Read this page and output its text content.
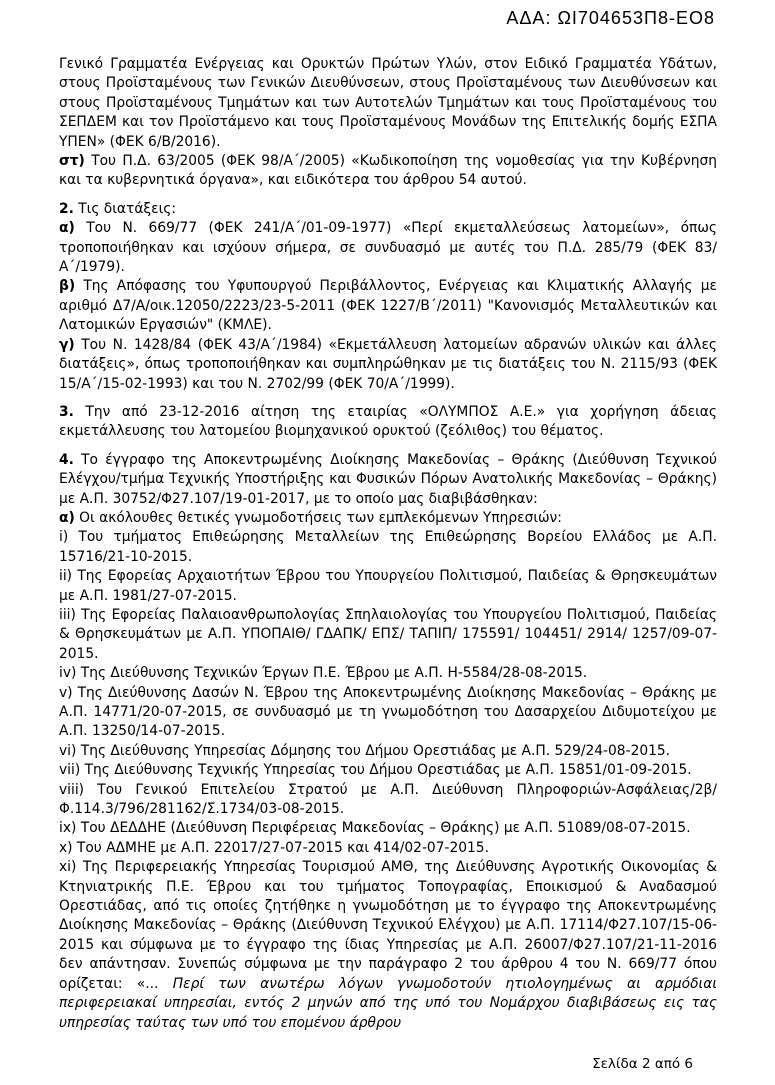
ΑΔΑ: ΩΙ704653Π8-ΕΟ8
Γενικό Γραμματέα Ενέργειας και Ορυκτών Πρώτων Υλών, στον Ειδικό Γραμματέα Υδάτων, στους Προϊσταμένους των Γενικών Διευθύνσεων, στους Προϊσταμένους των Διευθύνσεων και στους Προϊσταμένους Τμημάτων και των Αυτοτελών Τμημάτων και τους Προϊσταμένους του ΣΕΠΔΕΜ και τον Προϊστάμενο και τους Προϊσταμένους Μονάδων της Επιτελικής δομής ΕΣΠΑ ΥΠΕΝ» (ΦΕΚ 6/Β/2016).
στ) Του Π.Δ. 63/2005 (ΦΕΚ 98/Α΄/2005) «Κωδικοποίηση της νομοθεσίας για την Κυβέρνηση και τα κυβερνητικά όργανα», και ειδικότερα του άρθρου 54 αυτού.
2. Τις διατάξεις:
α) Του Ν. 669/77 (ΦΕΚ 241/Α΄/01-09-1977) «Περί εκμεταλλεύσεως λατομείων», όπως τροποποιήθηκαν και ισχύουν σήμερα, σε συνδυασμό με αυτές του Π.Δ. 285/79 (ΦΕΚ 83/Α΄/1979).
β) Της Απόφασης του Υφυπουργού Περιβάλλοντος, Ενέργειας και Κλιματικής Αλλαγής με αριθμό Δ7/Α/οικ.12050/2223/23-5-2011 (ΦΕΚ 1227/Β΄/2011) "Κανονισμός Μεταλλευτικών και Λατομικών Εργασιών" (ΚΜΛΕ).
γ) Του Ν. 1428/84 (ΦΕΚ 43/Α΄/1984) «Εκμετάλλευση λατομείων αδρανών υλικών και άλλες διατάξεις», όπως τροποποιήθηκαν και συμπληρώθηκαν με τις διατάξεις του Ν. 2115/93 (ΦΕΚ 15/Α΄/15-02-1993) και του Ν. 2702/99 (ΦΕΚ 70/Α΄/1999).
3. Την από 23-12-2016 αίτηση της εταιρίας «ΟΛΥΜΠΟΣ Α.Ε.» για χορήγηση άδειας εκμετάλλευσης του λατομείου βιομηχανικού ορυκτού (ζεόλιθος) του θέματος.
4. Το έγγραφο της Αποκεντρωμένης Διοίκησης Μακεδονίας – Θράκης (Διεύθυνση Τεχνικού Ελέγχου/τμήμα Τεχνικής Υποστήριξης και Φυσικών Πόρων Ανατολικής Μακεδονίας – Θράκης) με Α.Π. 30752/Φ27.107/19-01-2017, με το οποίο μας διαβιβάσθηκαν:
α) Οι ακόλουθες θετικές γνωμοδοτήσεις των εμπλεκόμενων Υπηρεσιών:
i) Του τμήματος Επιθεώρησης Μεταλλείων της Επιθεώρησης Βορείου Ελλάδος με Α.Π. 15716/21-10-2015.
ii) Της Εφορείας Αρχαιοτήτων Έβρου του Υπουργείου Πολιτισμού, Παιδείας & Θρησκευμάτων με Α.Π. 1981/27-07-2015.
iii) Της Εφορείας Παλαιοανθρωπολογίας Σπηλαιολογίας του Υπουργείου Πολιτισμού, Παιδείας & Θρησκευμάτων με Α.Π. ΥΠΟΠΑΙΘ/ ΓΔΑΠΚ/ ΕΠΣ/ ΤΑΠΙΠ/ 175591/ 104451/ 2914/ 1257/09-07-2015.
iv) Της Διεύθυνσης Τεχνικών Έργων Π.Ε. Έβρου με Α.Π. Η-5584/28-08-2015.
v) Της Διεύθυνσης Δασών Ν. Έβρου της Αποκεντρωμένης Διοίκησης Μακεδονίας – Θράκης με Α.Π. 14771/20-07-2015, σε συνδυασμό με τη γνωμοδότηση του Δασαρχείου Διδυμοτείχου με Α.Π. 13250/14-07-2015.
vi) Της Διεύθυνσης Υπηρεσίας Δόμησης του Δήμου Ορεστιάδας με Α.Π. 529/24-08-2015.
vii) Της Διεύθυνσης Τεχνικής Υπηρεσίας του Δήμου Ορεστιάδας με Α.Π. 15851/01-09-2015.
viii) Του Γενικού Επιτελείου Στρατού με Α.Π. Διεύθυνση Πληροφοριών-Ασφάλειας/2β/Φ.114.3/796/281162/Σ.1734/03-08-2015.
ix) Του ΔΕΔΔΗΕ (Διεύθυνση Περιφέρειας Μακεδονίας – Θράκης) με Α.Π. 51089/08-07-2015.
x) Του ΑΔΜΗΕ με Α.Π. 22017/27-07-2015 και 414/02-07-2015.
xi) Της Περιφερειακής Υπηρεσίας Τουρισμού ΑΜΘ, της Διεύθυνσης Αγροτικής Οικονομίας & Κτηνιατρικής Π.Ε. Έβρου και του τμήματος Τοπογραφίας, Εποικισμού & Αναδασμού Ορεστιάδας, από τις οποίες ζητήθηκε η γνωμοδότηση με το έγγραφο της Αποκεντρωμένης Διοίκησης Μακεδονίας – Θράκης (Διεύθυνση Τεχνικού Ελέγχου) με Α.Π. 17114/Φ27.107/15-06-2015 και σύμφωνα με το έγγραφο της ίδιας Υπηρεσίας με Α.Π. 26007/Φ27.107/21-11-2016 δεν απάντησαν. Συνεπώς σύμφωνα με την παράγραφο 2 του άρθρου 4 του Ν. 669/77 όπου ορίζεται: «... Περί των ανωτέρω λόγων γνωμοδοτούν ητιολογημένως αι αρμόδιαι περιφερειακαί υπηρεσίαι, εντός 2 μηνών από της υπό του Νομάρχου διαβιβάσεως εις τας υπηρεσίας ταύτας των υπό του επομένου άρθρου
Σελίδα 2 από 6
